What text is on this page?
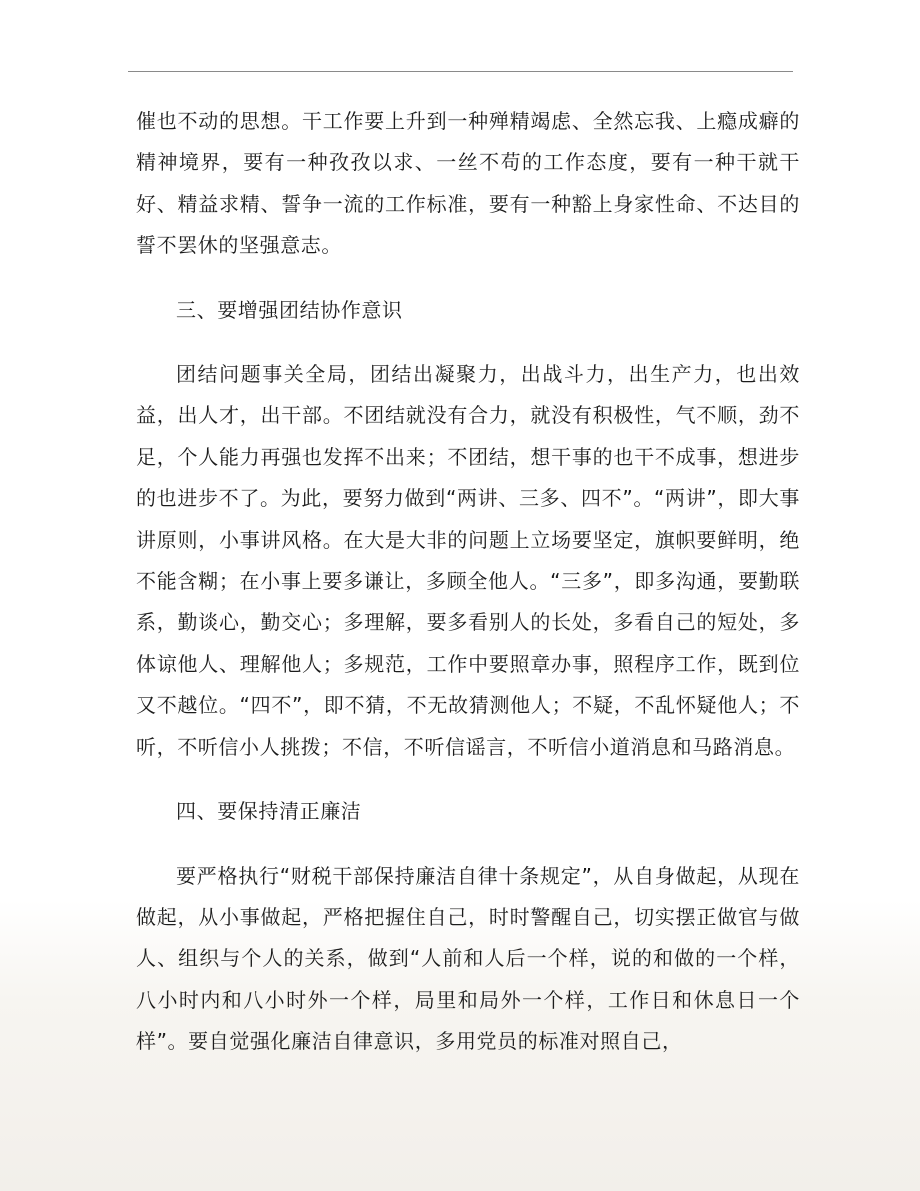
催也不动的思想。干工作要上升到一种殚精竭虑、全然忘我、上瘾成癖的精神境界，要有一种孜孜以求、一丝不苟的工作态度，要有一种干就干好、精益求精、誓争一流的工作标准，要有一种豁上身家性命、不达目的誓不罢休的坚强意志。

三、要增强团结协作意识

团结问题事关全局，团结出凝聚力，出战斗力，出生产力，也出效益，出人才，出干部。不团结就没有合力，就没有积极性，气不顺，劲不足，个人能力再强也发挥不出来；不团结，想干事的也干不成事，想进步的也进步不了。为此，要努力做到“两讲、三多、四不”。“两讲”，即大事讲原则，小事讲风格。在大是大非的问题上立场要坚定，旗帜要鲜明，绝不能含糊；在小事上要多谦让，多顾全他人。“三多”，即多沟通，要勤联系，勤谈心，勤交心；多理解，要多看别人的长处，多看自己的短处，多体谅他人、理解他人；多规范，工作中要照章办事，照程序工作，既到位又不越位。“四不”，即不猜，不无故猜测他人；不疑，不乱怀疑他人；不听，不听信小人挑拨；不信，不听信谣言，不听信小道消息和马路消息。

四、要保持清正廉洁

要严格执行“财税干部保持廉洁自律十条规定”，从自身做起，从现在做起，从小事做起，严格把握住自己，时时警醒自己，切实摆正做官与做人、组织与个人的关系，做到“人前和人后一个样，说的和做的一个样，八小时内和八小时外一个样，局里和局外一个样，工作日和休息日一个样”。要自觉强化廉洁自律意识，多用党员的标准对照自己，
